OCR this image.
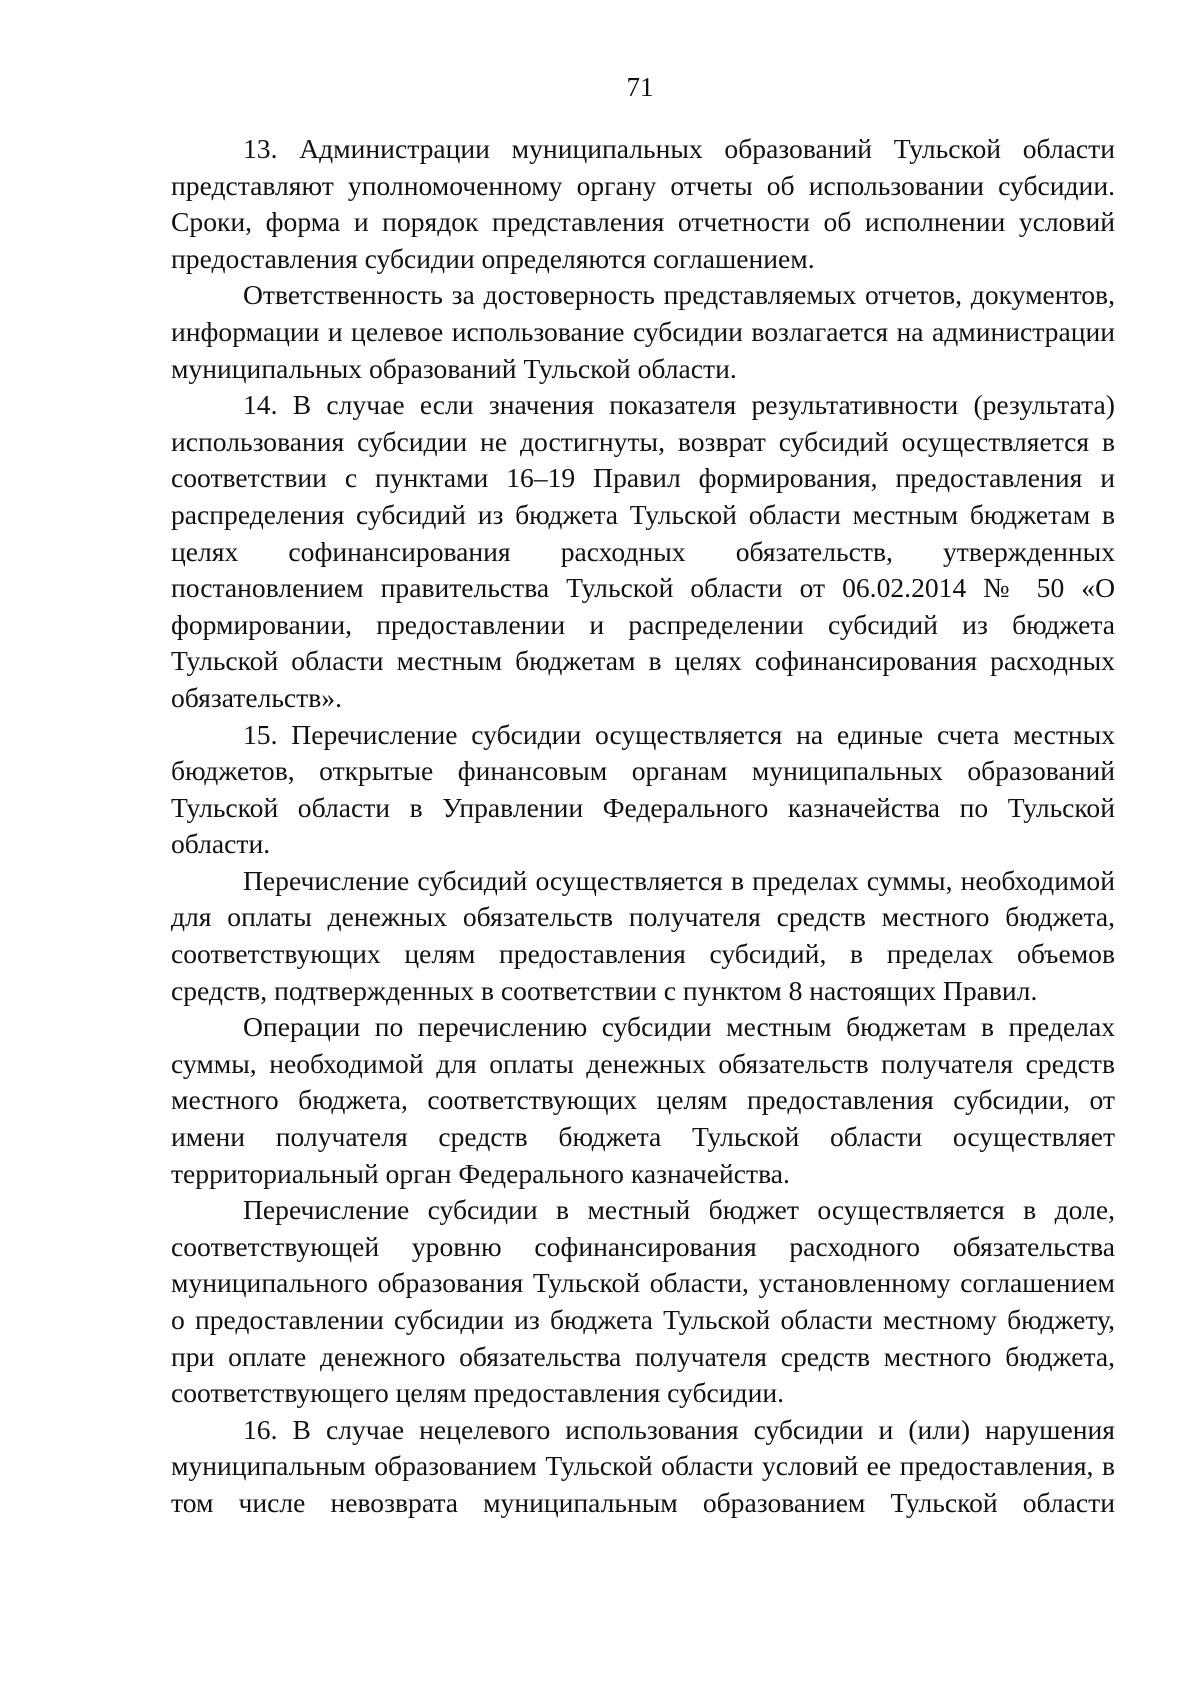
71

13. Администрации муниципальных образований Тульской области представляют уполномоченному органу отчеты об использовании субсидии. Сроки, форма и порядок представления отчетности об исполнении условий предоставления субсидии определяются соглашением.

Ответственность за достоверность представляемых отчетов, документов, информации и целевое использование субсидии возлагается на администрации муниципальных образований Тульской области.

14. В случае если значения показателя результативности (результата) использования субсидии не достигнуты, возврат субсидий осуществляется в соответствии с пунктами 16–19 Правил формирования, предоставления и распределения субсидий из бюджета Тульской области местным бюджетам в целях софинансирования расходных обязательств, утвержденных постановлением правительства Тульской области от 06.02.2014 № 50 «О формировании, предоставлении и распределении субсидий из бюджета Тульской области местным бюджетам в целях софинансирования расходных обязательств».

15. Перечисление субсидии осуществляется на единые счета местных бюджетов, открытые финансовым органам муниципальных образований Тульской области в Управлении Федерального казначейства по Тульской области.

Перечисление субсидий осуществляется в пределах суммы, необходимой для оплаты денежных обязательств получателя средств местного бюджета, соответствующих целям предоставления субсидий, в пределах объемов средств, подтвержденных в соответствии с пунктом 8 настоящих Правил.

Операции по перечислению субсидии местным бюджетам в пределах суммы, необходимой для оплаты денежных обязательств получателя средств местного бюджета, соответствующих целям предоставления субсидии, от имени получателя средств бюджета Тульской области осуществляет территориальный орган Федерального казначейства.

Перечисление субсидии в местный бюджет осуществляется в доле, соответствующей уровню софинансирования расходного обязательства муниципального образования Тульской области, установленному соглашением о предоставлении субсидии из бюджета Тульской области местному бюджету, при оплате денежного обязательства получателя средств местного бюджета, соответствующего целям предоставления субсидии.

16. В случае нецелевого использования субсидии и (или) нарушения муниципальным образованием Тульской области условий ее предоставления, в том числе невозврата муниципальным образованием Тульской области
